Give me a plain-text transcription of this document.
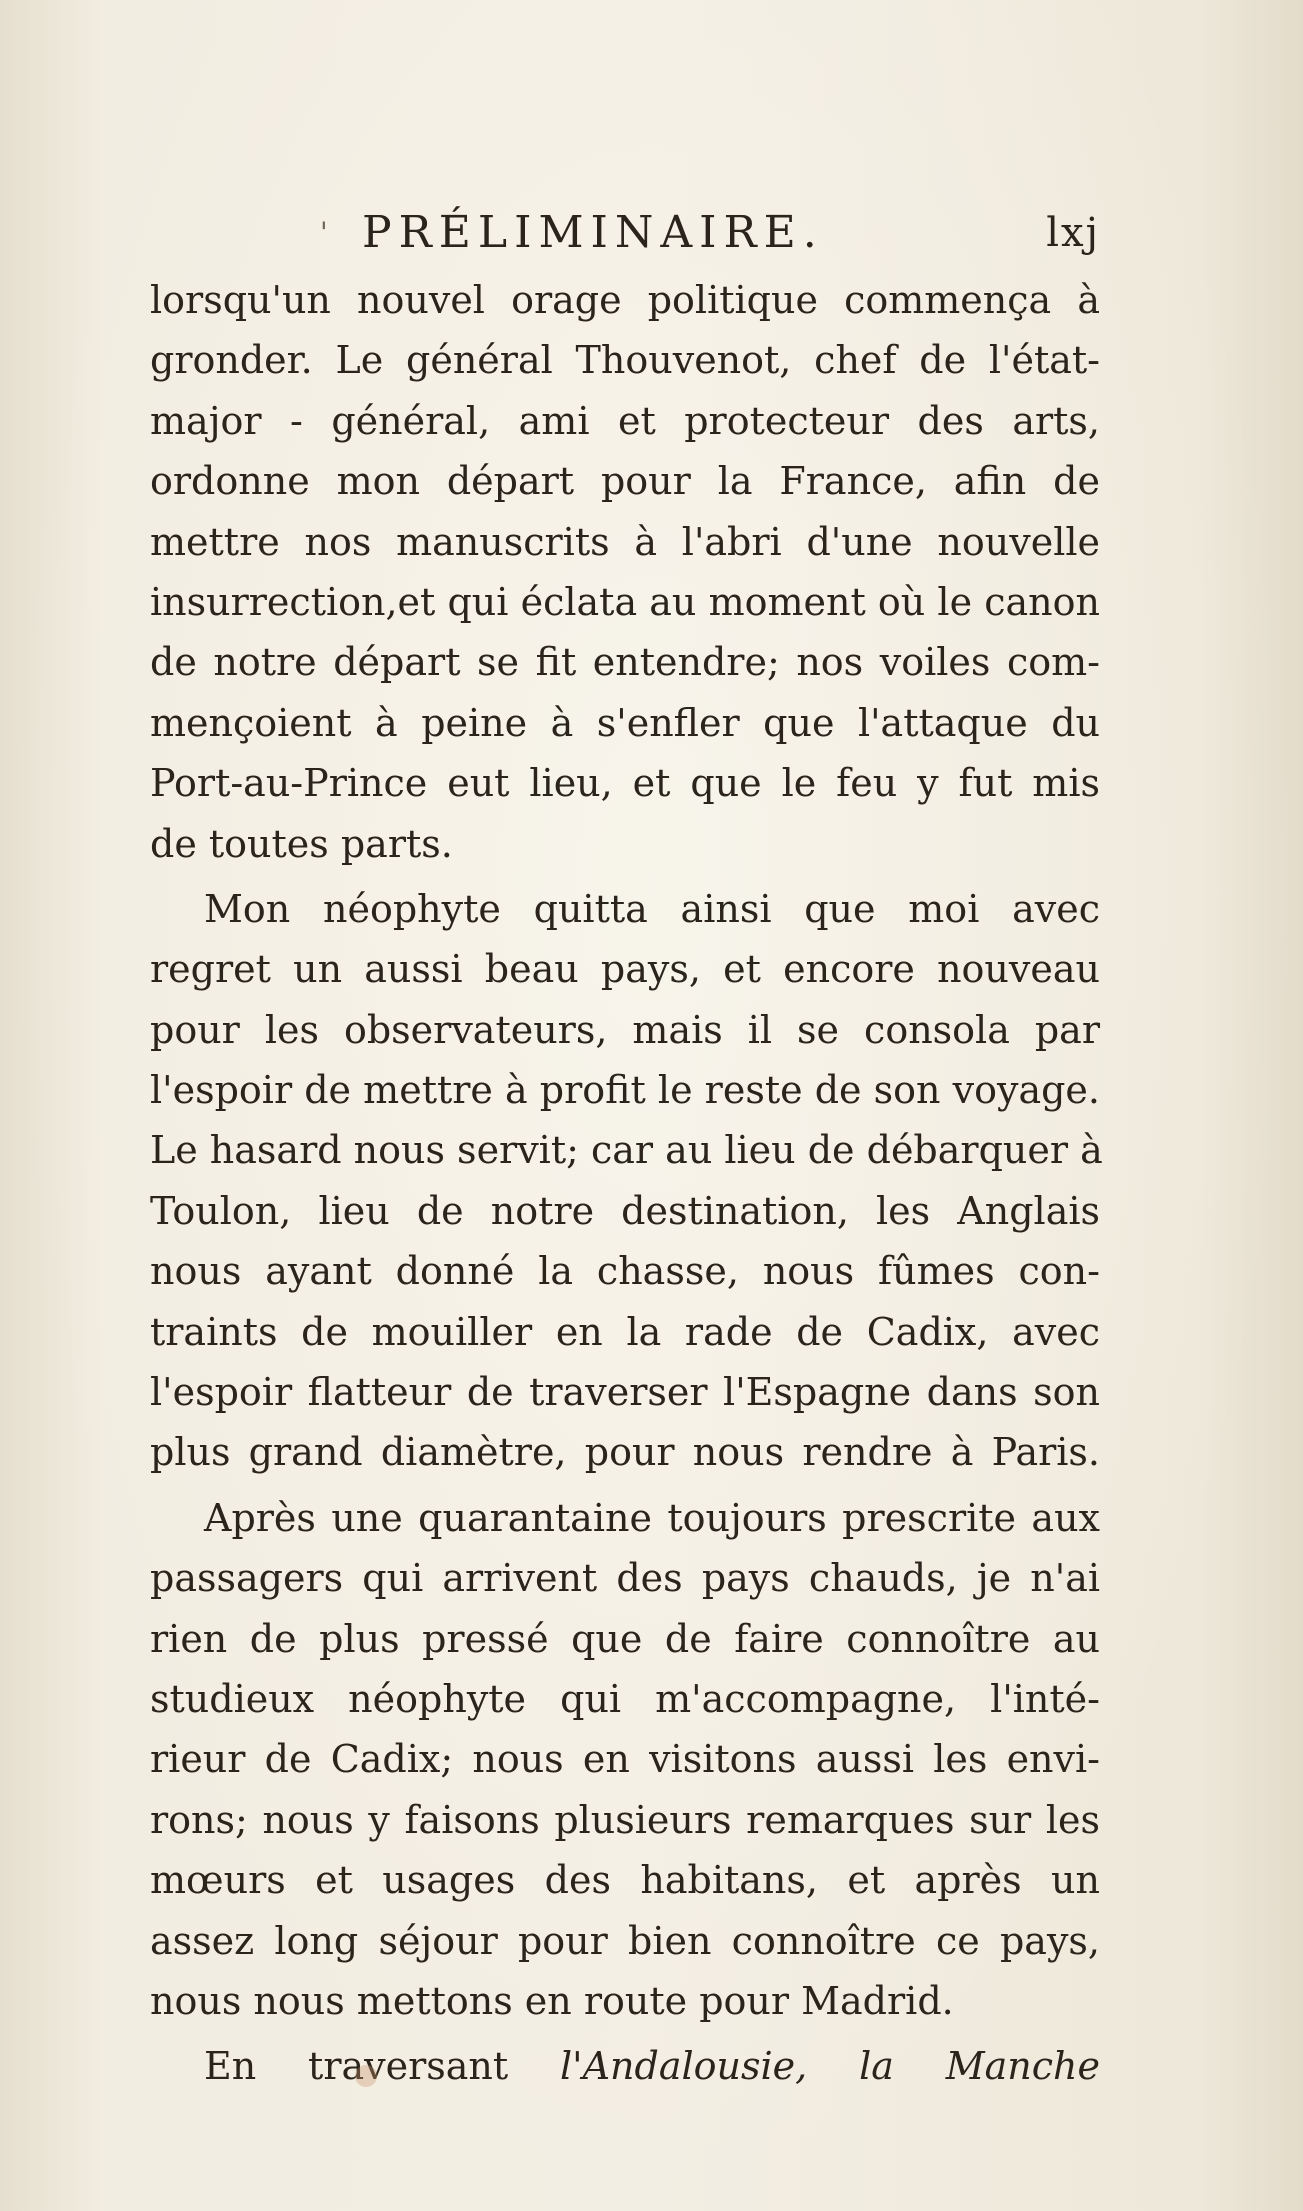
' PRÉLIMINAIRE.	lxj
lorsqu'un nouvel orage politique commença à
gronder. Le général Thouvenot, chef de l'état-
major - général, ami et protecteur des arts,
ordonne mon départ pour la France, afin de
mettre nos manuscrits à l'abri d'une nouvelle
insurrection,et qui éclata au moment où le canon
de notre départ se fit entendre; nos voiles com-
mençoient à peine à s'enfler que l'attaque du
Port-au-Prince eut lieu, et que le feu y fut mis
de toutes parts.
Mon néophyte quitta ainsi que moi avec
regret un aussi beau pays, et encore nouveau
pour les observateurs, mais il se consola par
l'espoir de mettre à profit le reste de son voyage.
Le hasard nous servit; car au lieu de débarquer à
Toulon, lieu de notre destination, les Anglais
nous ayant donné la chasse, nous fûmes con-
traints de mouiller en la rade de Cadix, avec
l'espoir flatteur de traverser l'Espagne dans son
plus grand diamètre, pour nous rendre à Paris.
Après une quarantaine toujours prescrite aux
passagers qui arrivent des pays chauds, je n'ai
rien de plus pressé que de faire connoître au
studieux néophyte qui m'accompagne, l'inté-
rieur de Cadix; nous en visitons aussi les envi-
rons; nous y faisons plusieurs remarques sur les
mœurs et usages des habitans, et après un
assez long séjour pour bien connoître ce pays,
nous nous mettons en route pour Madrid.
En traversant l'Andalousie, la Manche
